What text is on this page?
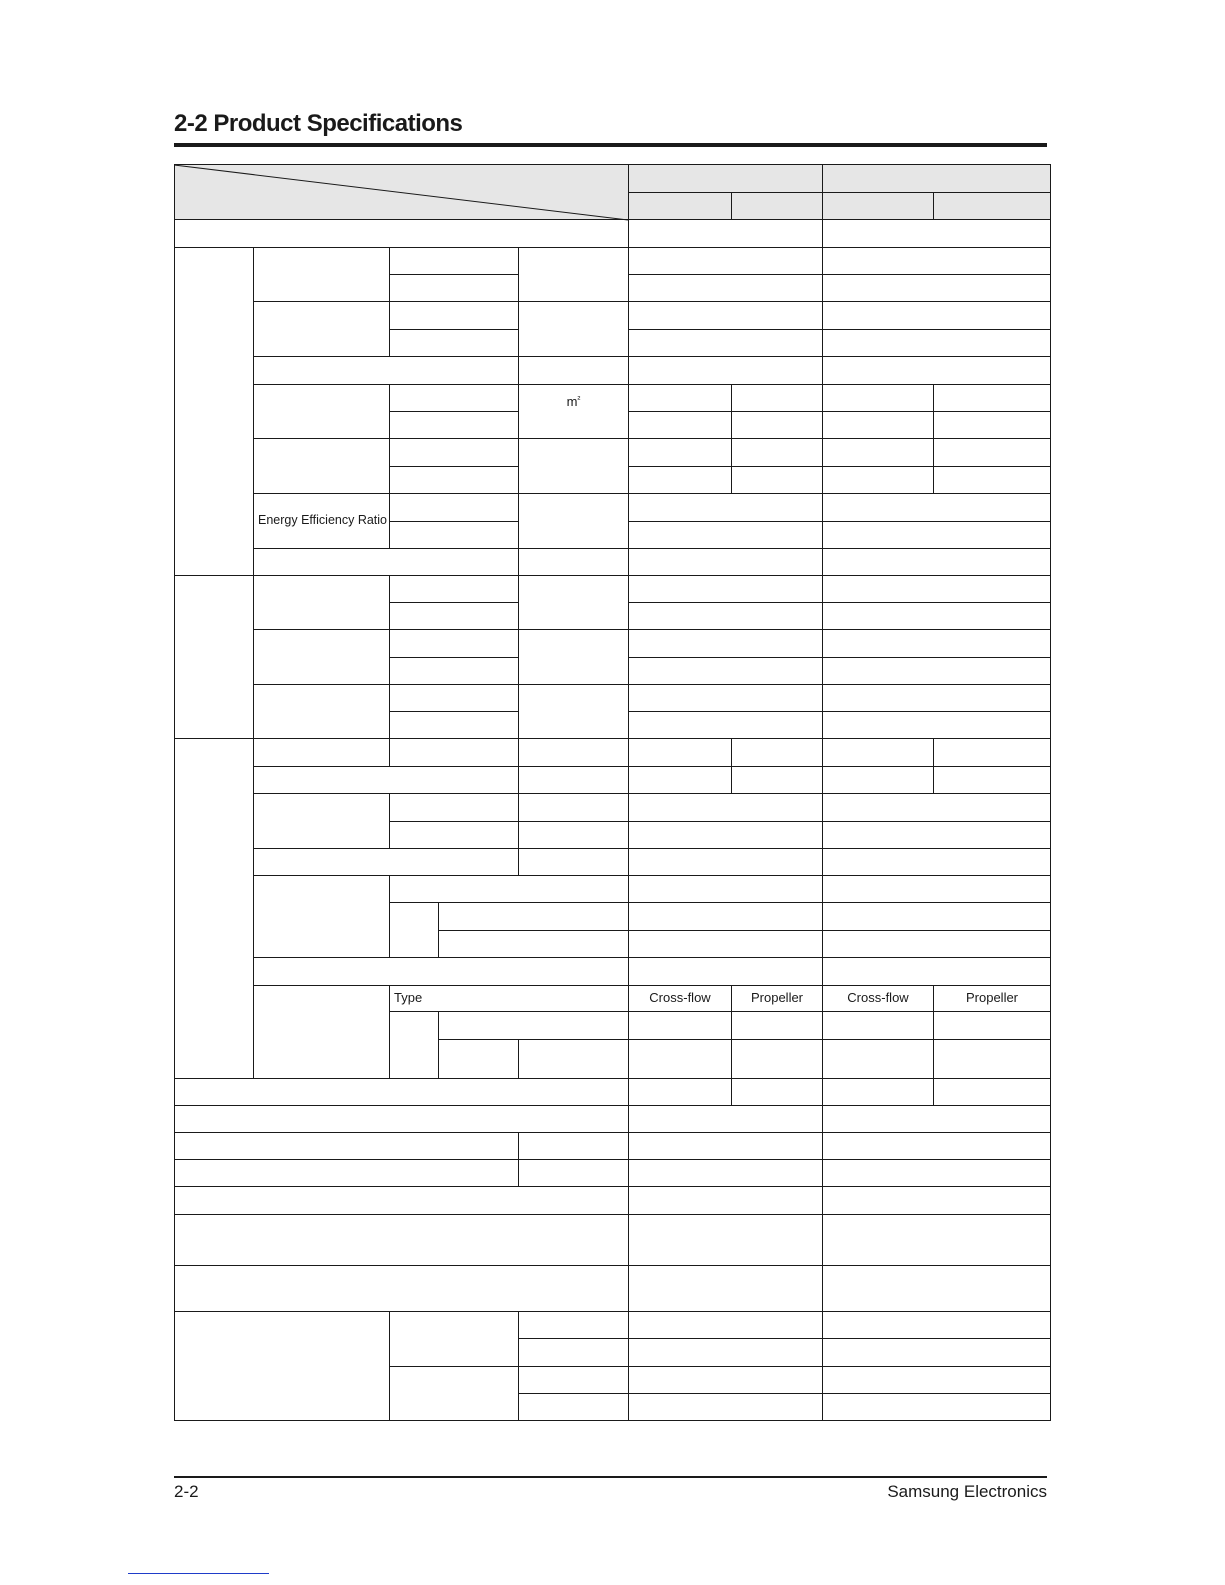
2-2 Product Specifications
m ²
Energy Efficiency Ratio
Type	Cross-flow	Propeller	Cross-flow	Propeller
2-2	Samsung Electronics
